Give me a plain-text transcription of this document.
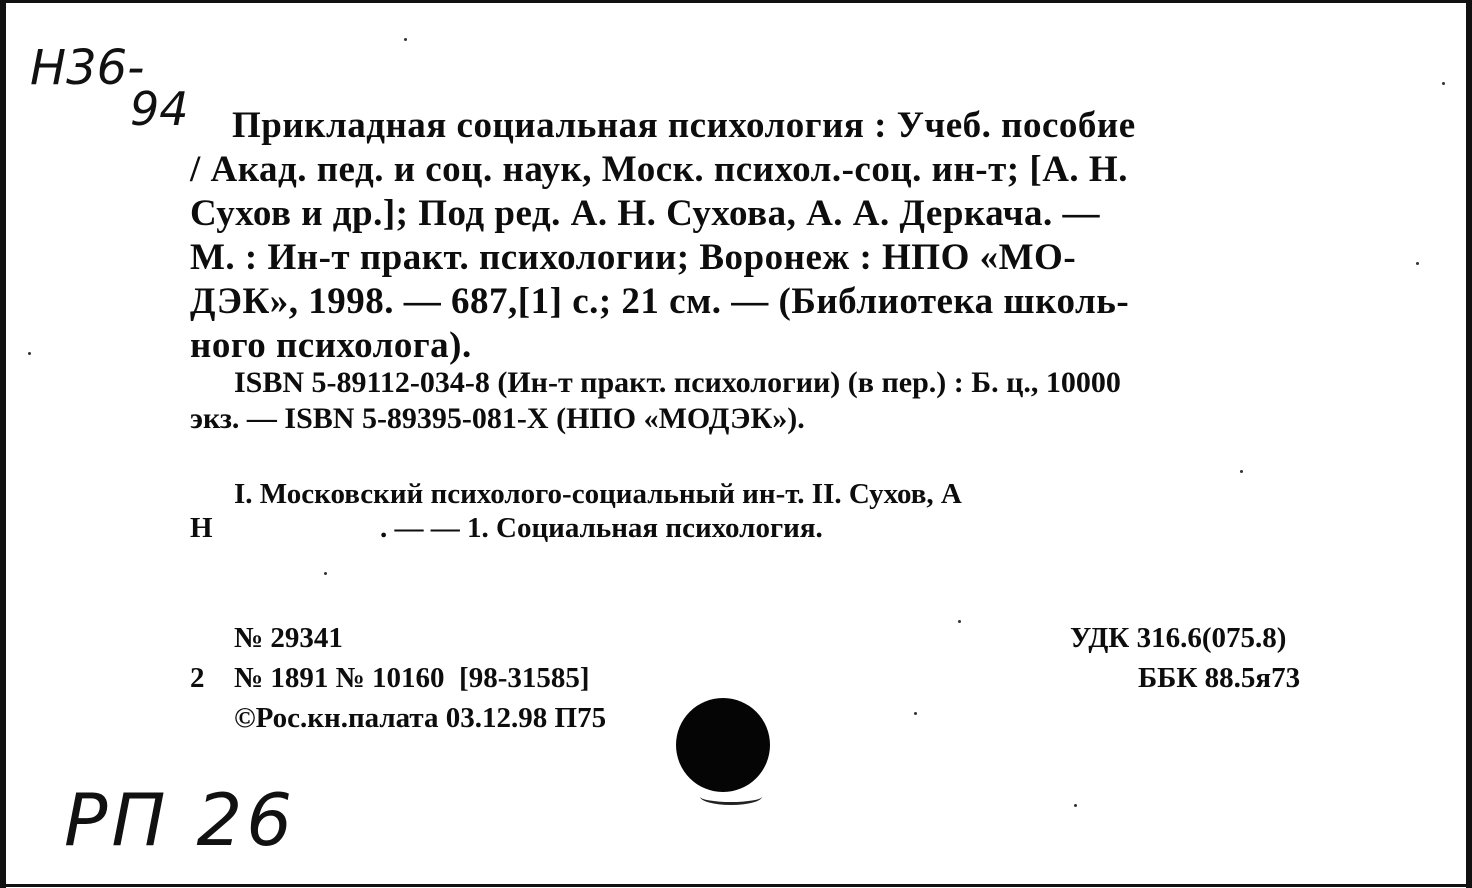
Н36-
94 Прикладная социальная психология : Учеб. пособие
/ Акад. пед. и соц. наук, Моск. психол.-соц. ин-т; [А. Н.
Сухов и др.]; Под ред. А. Н. Сухова, А. А. Деркача. —
М. : Ин-т практ. психологии; Воронеж : НПО «МО-
ДЭК», 1998. — 687,[1] с.; 21 см. — (Библиотека школь-
ного психолога).
ISBN 5-89112-034-8 (Ин-т практ. психологии) (в пер.) : Б. ц., 10000
экз. — ISBN 5-89395-081-X (НПО «МОДЭК»).
I. Московский психолого-социальный ин-т. II. Сухов, А
Н	. — — 1. Социальная психология.
№ 29341
2 № 1891 № 10160  [98-31585]
©Рос.кн.палата 03.12.98 П75
УДК 316.6(075.8)
ББК 88.5я73
РП 26
